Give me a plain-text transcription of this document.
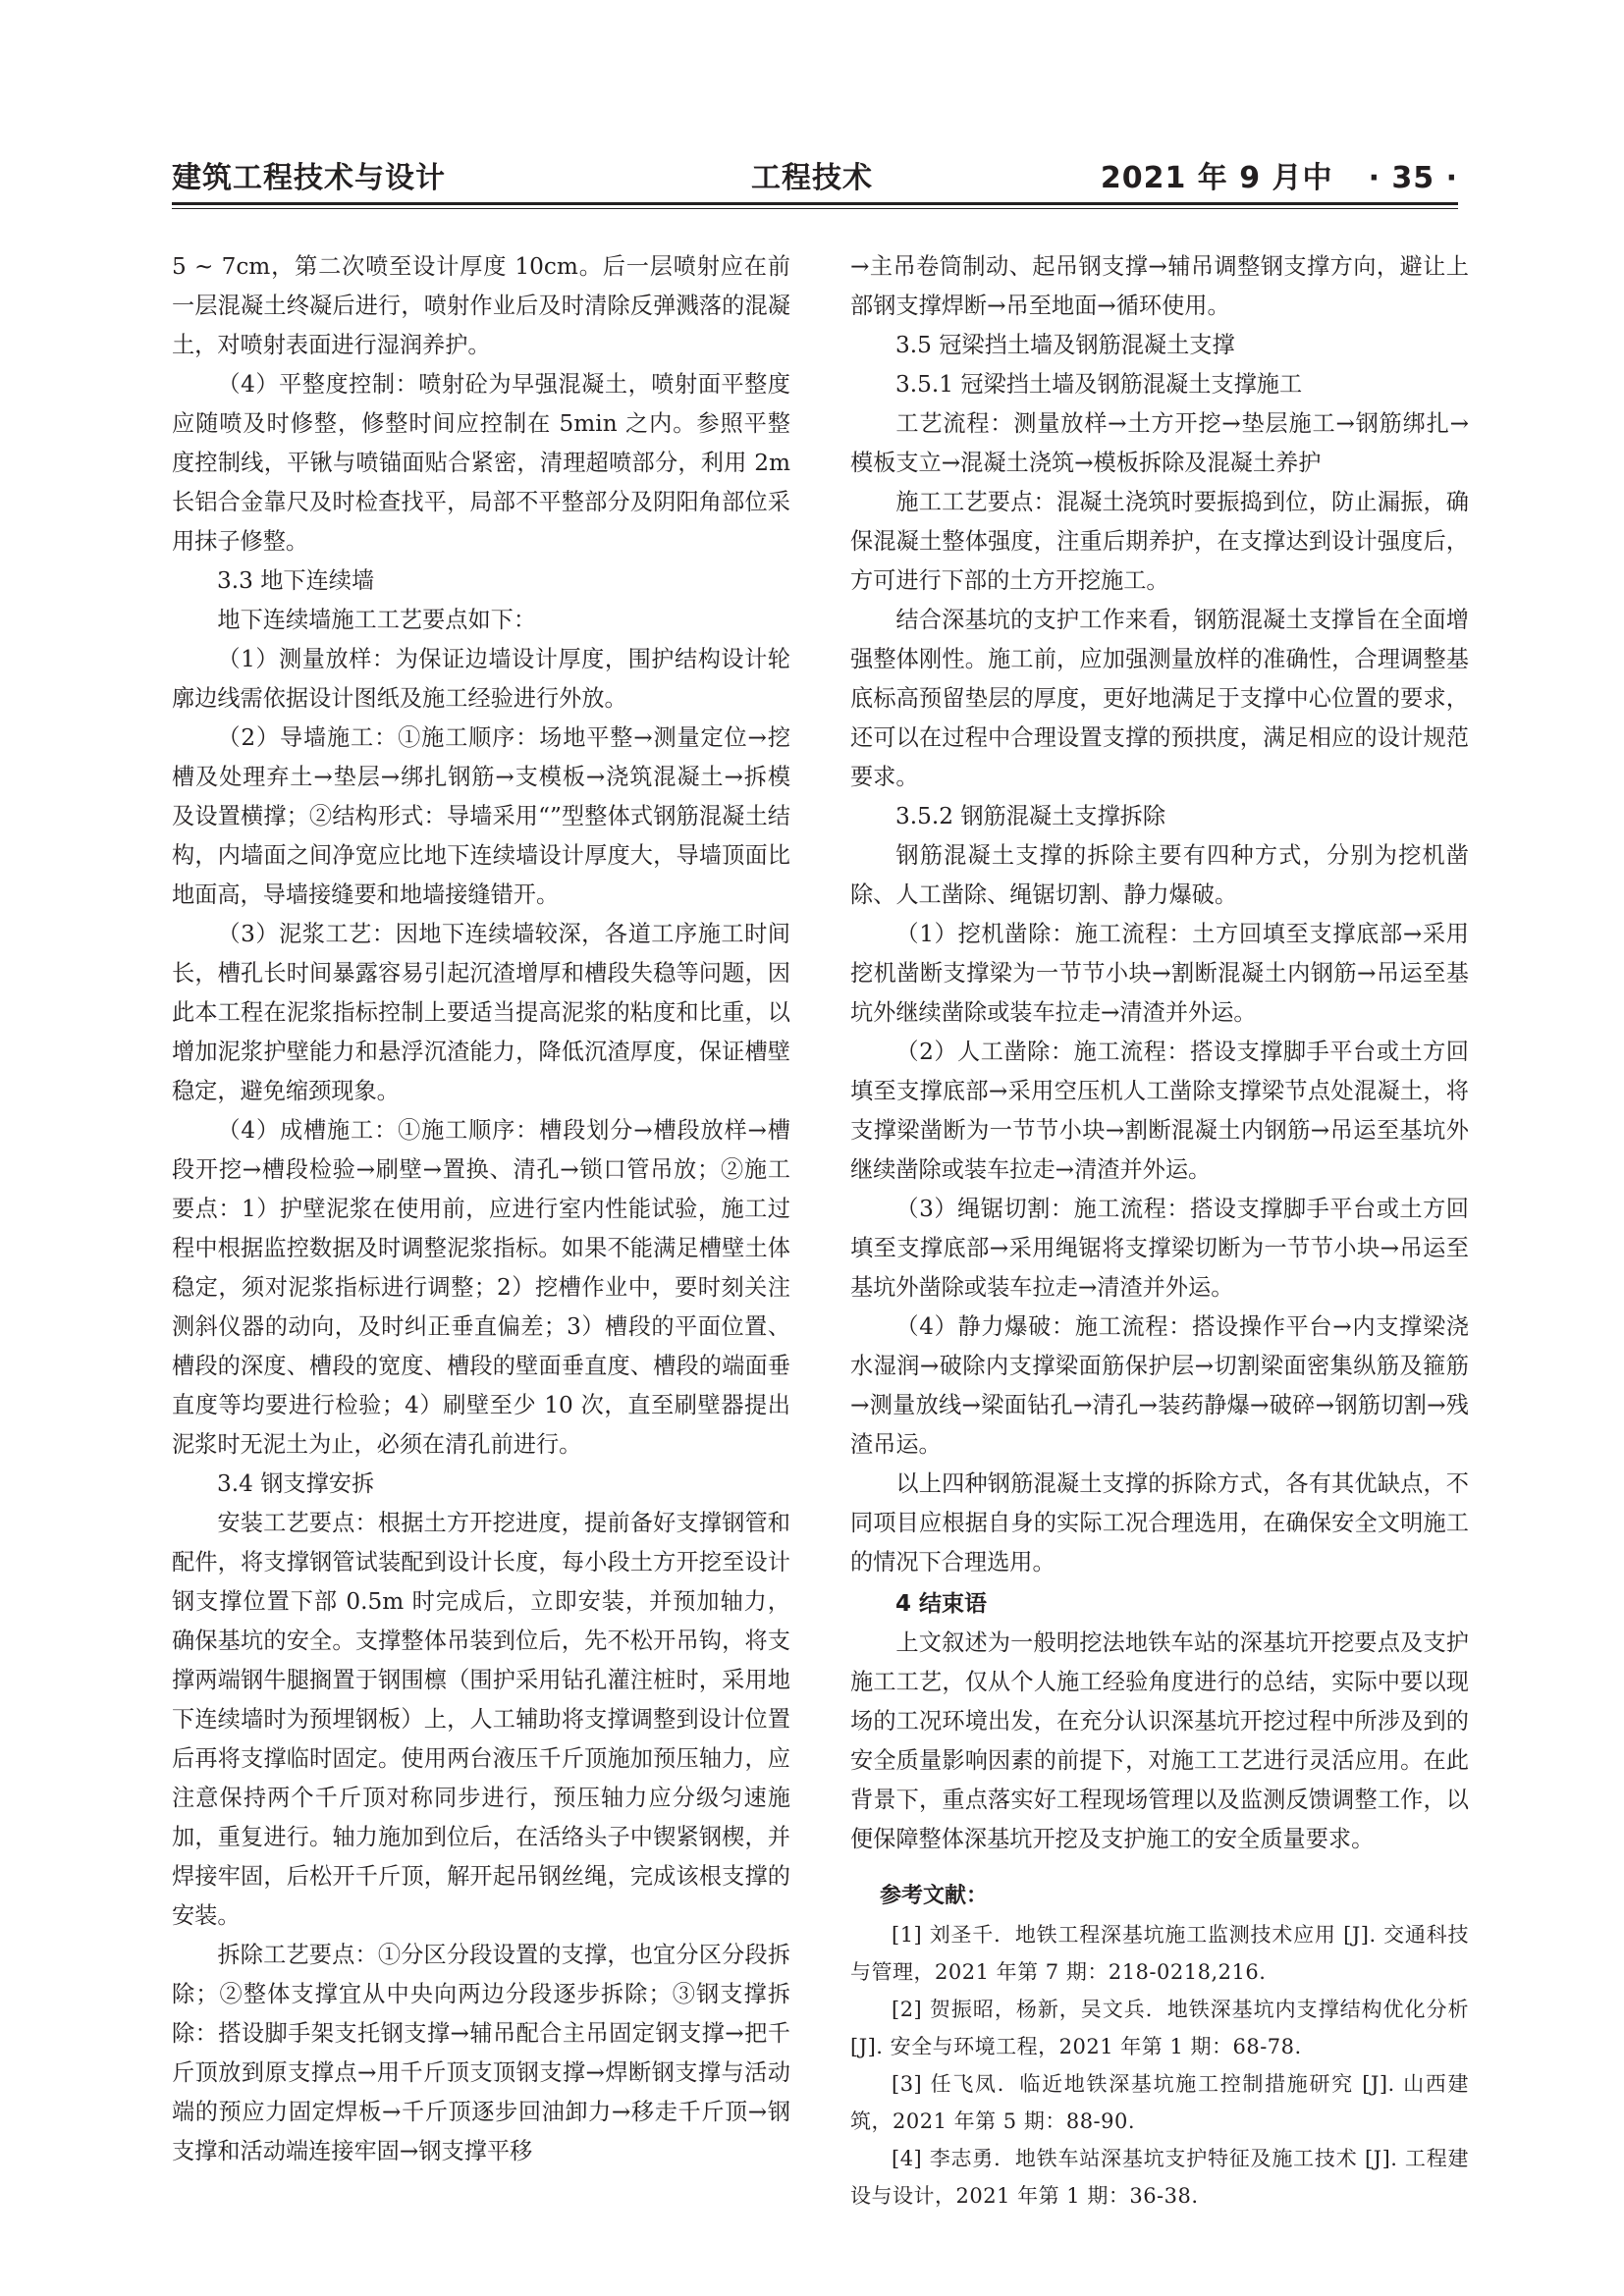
建筑工程技术与设计	工程技术	2021 年 9 月中 · 35 ·

5 ~ 7cm，第二次喷至设计厚度 10cm。后一层喷射应在前一层混凝土终凝后进行，喷射作业后及时清除反弹溅落的混凝土，对喷射表面进行湿润养护。

（4）平整度控制：喷射砼为早强混凝土，喷射面平整度应随喷及时修整，修整时间应控制在 5min 之内。参照平整度控制线，平锹与喷锚面贴合紧密，清理超喷部分，利用 2m 长铝合金靠尺及时检查找平，局部不平整部分及阴阳角部位采用抹子修整。

3.3 地下连续墙

地下连续墙施工工艺要点如下：

（1）测量放样：为保证边墙设计厚度，围护结构设计轮廓边线需依据设计图纸及施工经验进行外放。

（2）导墙施工：①施工顺序：场地平整→测量定位→挖槽及处理弃土→垫层→绑扎钢筋→支模板→浇筑混凝土→拆模及设置横撑；②结构形式：导墙采用“”型整体式钢筋混凝土结构，内墙面之间净宽应比地下连续墙设计厚度大，导墙顶面比地面高，导墙接缝要和地墙接缝错开。

（3）泥浆工艺：因地下连续墙较深，各道工序施工时间长，槽孔长时间暴露容易引起沉渣增厚和槽段失稳等问题，因此本工程在泥浆指标控制上要适当提高泥浆的粘度和比重，以增加泥浆护壁能力和悬浮沉渣能力，降低沉渣厚度，保证槽壁稳定，避免缩颈现象。

（4）成槽施工：①施工顺序：槽段划分→槽段放样→槽段开挖→槽段检验→刷壁→置换、清孔→锁口管吊放；②施工要点：1）护壁泥浆在使用前，应进行室内性能试验，施工过程中根据监控数据及时调整泥浆指标。如果不能满足槽壁土体稳定，须对泥浆指标进行调整；2）挖槽作业中，要时刻关注测斜仪器的动向，及时纠正垂直偏差；3）槽段的平面位置、槽段的深度、槽段的宽度、槽段的壁面垂直度、槽段的端面垂直度等均要进行检验；4）刷壁至少 10 次，直至刷壁器提出泥浆时无泥土为止，必须在清孔前进行。

3.4 钢支撑安拆

安装工艺要点：根据土方开挖进度，提前备好支撑钢管和配件，将支撑钢管试装配到设计长度，每小段土方开挖至设计钢支撑位置下部 0.5m 时完成后，立即安装，并预加轴力，确保基坑的安全。支撑整体吊装到位后，先不松开吊钩，将支撑两端钢牛腿搁置于钢围檩（围护采用钻孔灌注桩时，采用地下连续墙时为预埋钢板）上，人工辅助将支撑调整到设计位置后再将支撑临时固定。使用两台液压千斤顶施加预压轴力，应注意保持两个千斤顶对称同步进行，预压轴力应分级匀速施加，重复进行。轴力施加到位后，在活络头子中锲紧钢楔，并焊接牢固，后松开千斤顶，解开起吊钢丝绳，完成该根支撑的安装。

拆除工艺要点：①分区分段设置的支撑，也宜分区分段拆除；②整体支撑宜从中央向两边分段逐步拆除；③钢支撑拆除：搭设脚手架支托钢支撑→辅吊配合主吊固定钢支撑→把千斤顶放到原支撑点→用千斤顶支顶钢支撑→焊断钢支撑与活动端的预应力固定焊板→千斤顶逐步回油卸力→移走千斤顶→钢支撑和活动端连接牢固→钢支撑平移

→主吊卷筒制动、起吊钢支撑→辅吊调整钢支撑方向，避让上部钢支撑焊断→吊至地面→循环使用。

3.5 冠梁挡土墙及钢筋混凝土支撑

3.5.1 冠梁挡土墙及钢筋混凝土支撑施工

工艺流程：测量放样→土方开挖→垫层施工→钢筋绑扎→模板支立→混凝土浇筑→模板拆除及混凝土养护

施工工艺要点：混凝土浇筑时要振捣到位，防止漏振，确保混凝土整体强度，注重后期养护，在支撑达到设计强度后，方可进行下部的土方开挖施工。

结合深基坑的支护工作来看，钢筋混凝土支撑旨在全面增强整体刚性。施工前，应加强测量放样的准确性，合理调整基底标高预留垫层的厚度，更好地满足于支撑中心位置的要求，还可以在过程中合理设置支撑的预拱度，满足相应的设计规范要求。

3.5.2 钢筋混凝土支撑拆除

钢筋混凝土支撑的拆除主要有四种方式，分别为挖机凿除、人工凿除、绳锯切割、静力爆破。

（1）挖机凿除：施工流程：土方回填至支撑底部→采用挖机凿断支撑梁为一节节小块→割断混凝土内钢筋→吊运至基坑外继续凿除或装车拉走→清渣并外运。

（2）人工凿除：施工流程：搭设支撑脚手平台或土方回填至支撑底部→采用空压机人工凿除支撑梁节点处混凝土，将支撑梁凿断为一节节小块→割断混凝土内钢筋→吊运至基坑外继续凿除或装车拉走→清渣并外运。

（3）绳锯切割：施工流程：搭设支撑脚手平台或土方回填至支撑底部→采用绳锯将支撑梁切断为一节节小块→吊运至基坑外凿除或装车拉走→清渣并外运。

（4）静力爆破：施工流程：搭设操作平台→内支撑梁浇水湿润→破除内支撑梁面筋保护层→切割梁面密集纵筋及箍筋→测量放线→梁面钻孔→清孔→装药静爆→破碎→钢筋切割→残渣吊运。

以上四种钢筋混凝土支撑的拆除方式，各有其优缺点，不同项目应根据自身的实际工况合理选用，在确保安全文明施工的情况下合理选用。

4 结束语

上文叙述为一般明挖法地铁车站的深基坑开挖要点及支护施工工艺，仅从个人施工经验角度进行的总结，实际中要以现场的工况环境出发，在充分认识深基坑开挖过程中所涉及到的安全质量影响因素的前提下，对施工工艺进行灵活应用。在此背景下，重点落实好工程现场管理以及监测反馈调整工作，以便保障整体深基坑开挖及支护施工的安全质量要求。

参考文献：

[1] 刘圣千．地铁工程深基坑施工监测技术应用 [J]. 交通科技与管理，2021 年第 7 期：218-0218,216.

[2] 贺振昭，杨新，吴文兵．地铁深基坑内支撑结构优化分析 [J]. 安全与环境工程，2021 年第 1 期：68-78.

[3] 任飞凤．临近地铁深基坑施工控制措施研究 [J]. 山西建筑，2021 年第 5 期：88-90.

[4] 李志勇．地铁车站深基坑支护特征及施工技术 [J]. 工程建设与设计，2021 年第 1 期：36-38.
